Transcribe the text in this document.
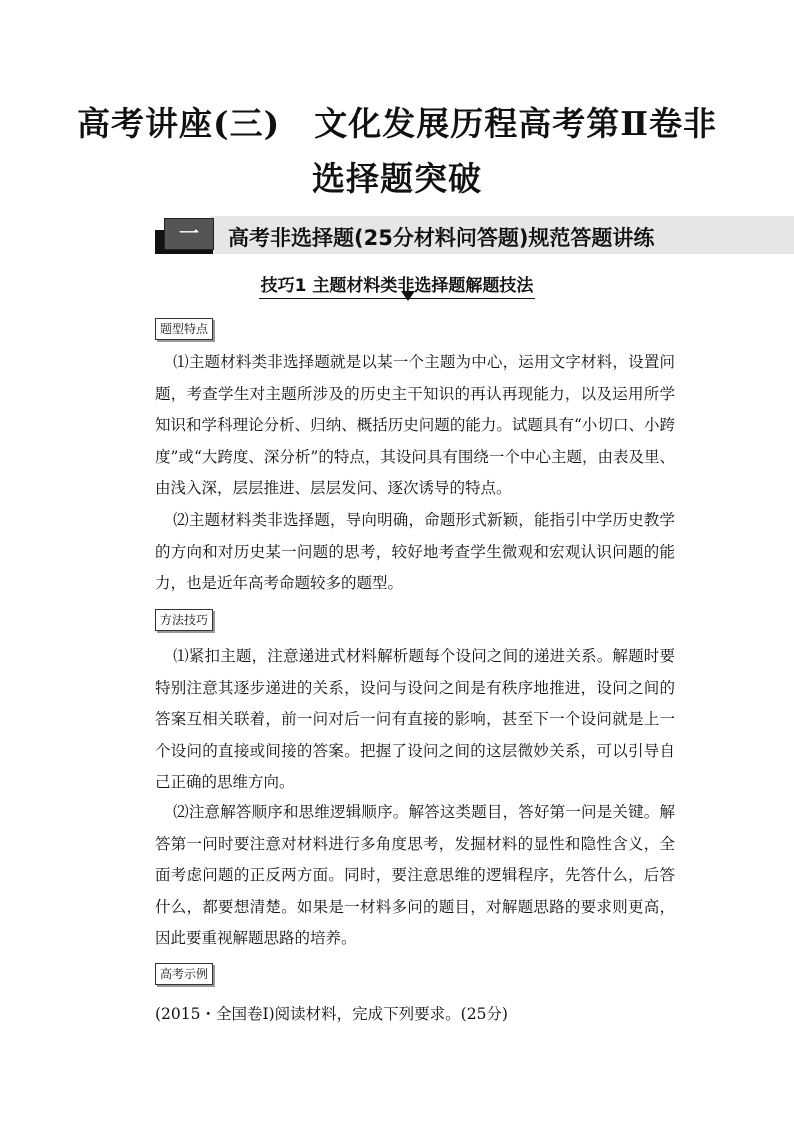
高考讲座(三)　文化发展历程高考第Ⅱ卷非
选择题突破
一	高考非选择题(25分材料问答题)规范答题讲练
技巧1 主题材料类非选择题解题技法
题型特点

⑴主题材料类非选择题就是以某一个主题为中心，运用文字材料，设置问题，考查学生对主题所涉及的历史主干知识的再认再现能力，以及运用所学知识和学科理论分析、归纳、概括历史问题的能力。试题具有“小切口、小跨度”或“大跨度、深分析”的特点，其设问具有围绕一个中心主题，由表及里、由浅入深，层层推进、层层发问、逐次诱导的特点。

⑵主题材料类非选择题，导向明确，命题形式新颖，能指引中学历史教学的方向和对历史某一问题的思考，较好地考查学生微观和宏观认识问题的能力，也是近年高考命题较多的题型。

方法技巧

⑴紧扣主题，注意递进式材料解析题每个设问之间的递进关系。解题时要特别注意其逐步递进的关系，设问与设问之间是有秩序地推进，设问之间的答案互相关联着，前一问对后一问有直接的影响，甚至下一个设问就是上一个设问的直接或间接的答案。把握了设问之间的这层微妙关系，可以引导自己正确的思维方向。

⑵注意解答顺序和思维逻辑顺序。解答这类题目，答好第一问是关键。解答第一问时要注意对材料进行多角度思考，发掘材料的显性和隐性含义，全面考虑问题的正反两方面。同时，要注意思维的逻辑程序，先答什么，后答什么，都要想清楚。如果是一材料多问的题目，对解题思路的要求则更高，因此要重视解题思路的培养。

高考示例
(2015・全国卷Ⅰ)阅读材料，完成下列要求。(25分)
